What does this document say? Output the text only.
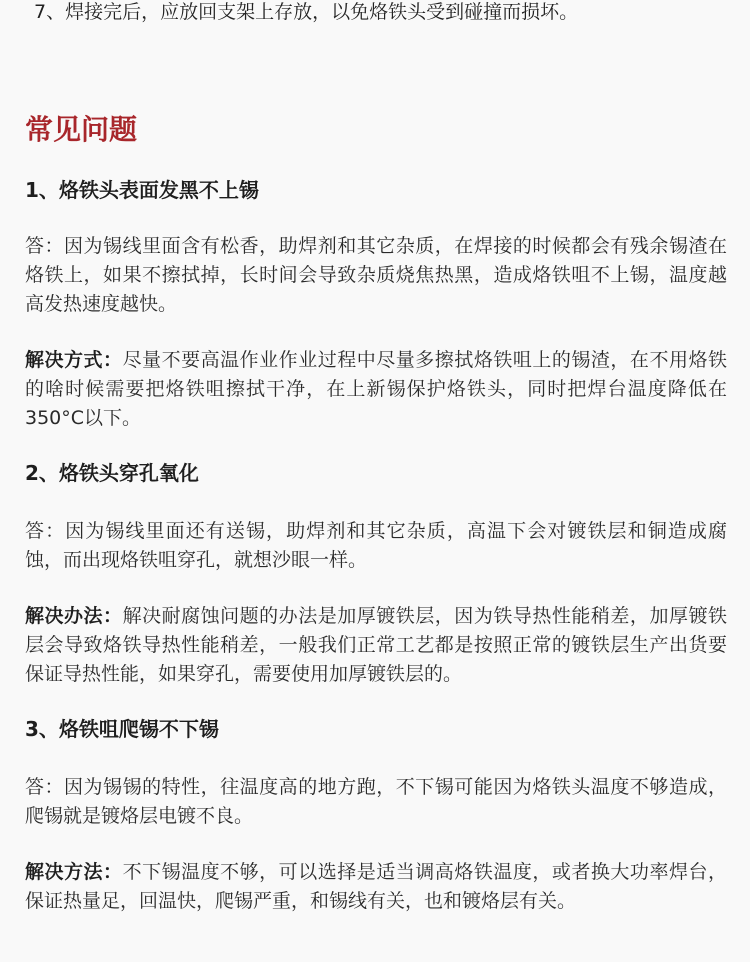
7、焊接完后，应放回支架上存放，以免烙铁头受到碰撞而损坏。

常见问题
1、烙铁头表面发黑不上锡

答：因为锡线里面含有松香，助焊剂和其它杂质，在焊接的时候都会有残余锡渣在烙铁上，如果不擦拭掉，长时间会导致杂质烧焦热黑，造成烙铁咀不上锡，温度越高发热速度越快。

解决方式：尽量不要高温作业作业过程中尽量多擦拭烙铁咀上的锡渣，在不用烙铁的啥时候需要把烙铁咀擦拭干净，在上新锡保护烙铁头，同时把焊台温度降低在350°C以下。

2、烙铁头穿孔氧化

答：因为锡线里面还有送锡，助焊剂和其它杂质，高温下会对镀铁层和铜造成腐蚀，而出现烙铁咀穿孔，就想沙眼一样。

解决办法：解决耐腐蚀问题的办法是加厚镀铁层，因为铁导热性能稍差，加厚镀铁层会导致烙铁导热性能稍差，一般我们正常工艺都是按照正常的镀铁层生产出货要保证导热性能，如果穿孔，需要使用加厚镀铁层的。

3、烙铁咀爬锡不下锡

答：因为锡锡的特性，往温度高的地方跑，不下锡可能因为烙铁头温度不够造成，爬锡就是镀烙层电镀不良。

解决方法：不下锡温度不够，可以选择是适当调高烙铁温度，或者换大功率焊台，保证热量足，回温快，爬锡严重，和锡线有关，也和镀烙层有关。
